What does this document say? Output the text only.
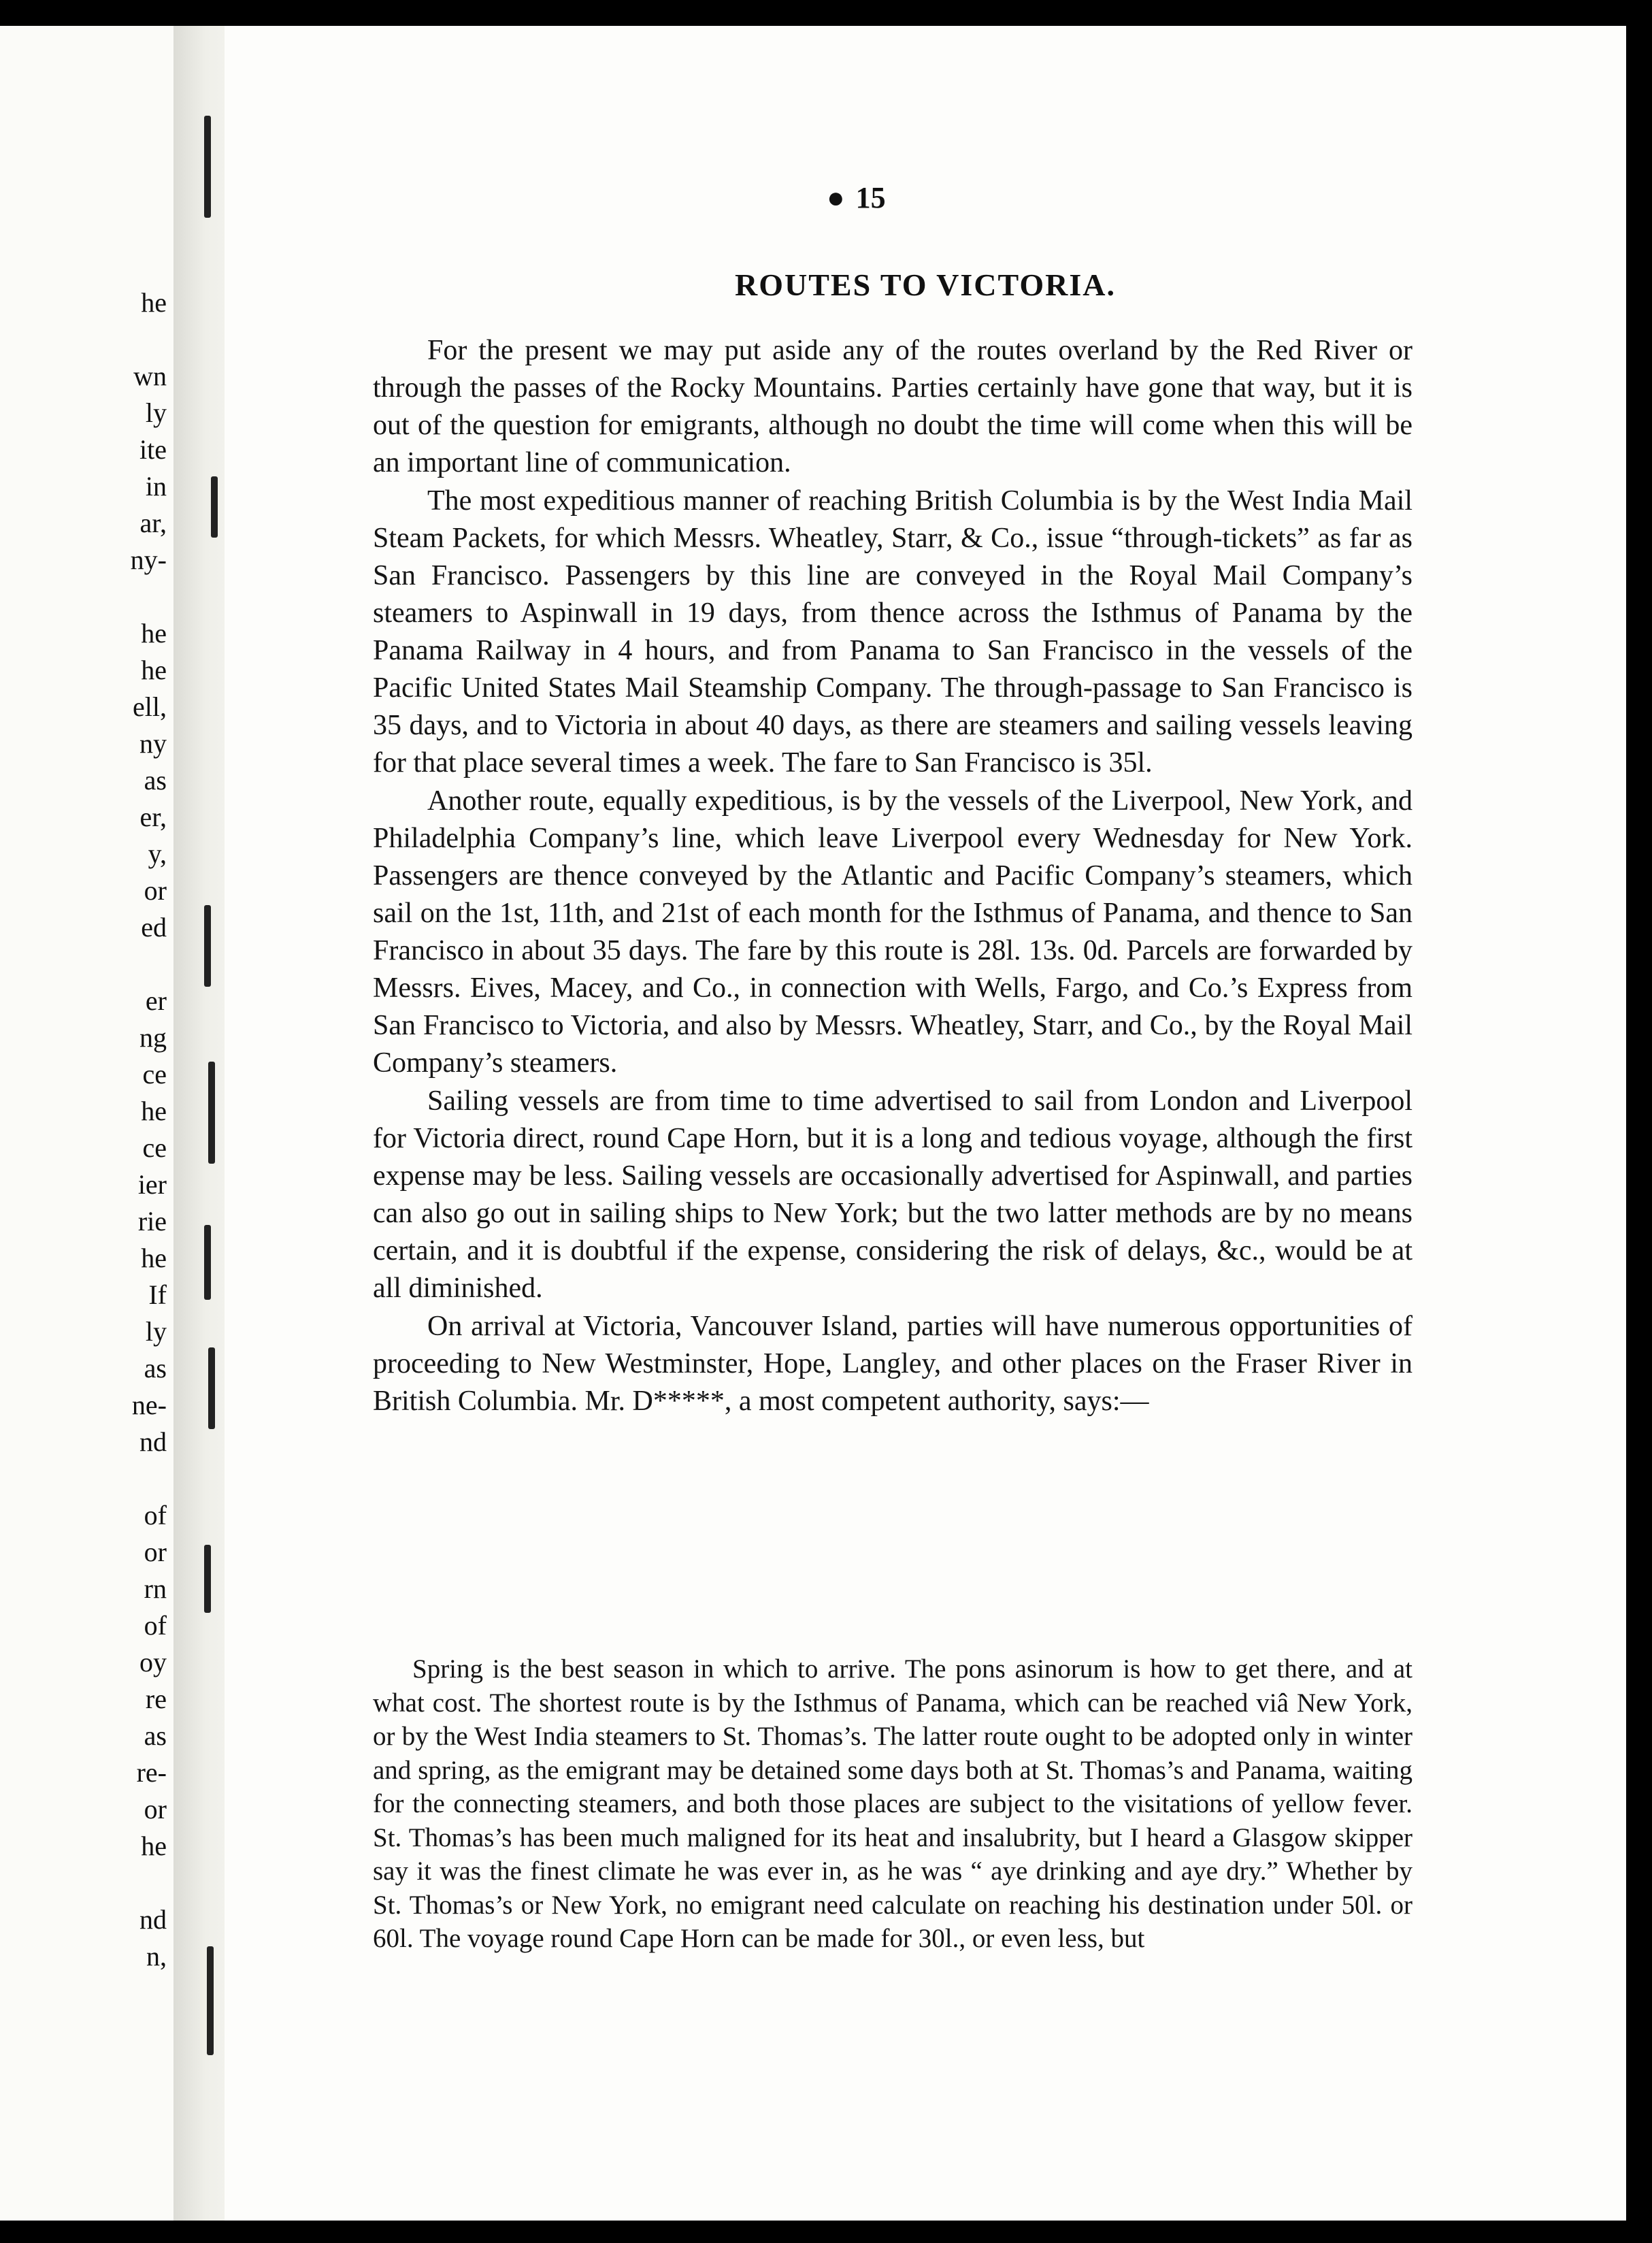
he
wn
ly
ite
in
ar,
ny-
he
he
ell,
ny
as
er,
y,
or
ed
er
ng
ce
he
ce
ier
rie
he
If
ly
as
ne-
nd
of
or
rn
of
oy
re
as
re-
or
he
nd
n,
● 15
ROUTES TO VICTORIA.

For the present we may put aside any of the routes overland by the Red River or through the passes of the Rocky Mountains. Parties certainly have gone that way, but it is out of the question for emigrants, although no doubt the time will come when this will be an important line of communication.

The most expeditious manner of reaching British Columbia is by the West India Mail Steam Packets, for which Messrs. Wheatley, Starr, & Co., issue “through-tickets” as far as San Francisco. Passengers by this line are conveyed in the Royal Mail Company’s steamers to Aspinwall in 19 days, from thence across the Isthmus of Panama by the Panama Railway in 4 hours, and from Panama to San Francisco in the vessels of the Pacific United States Mail Steamship Company. The through-passage to San Francisco is 35 days, and to Victoria in about 40 days, as there are steamers and sailing vessels leaving for that place several times a week. The fare to San Francisco is 35l.

Another route, equally expeditious, is by the vessels of the Liverpool, New York, and Philadelphia Company’s line, which leave Liverpool every Wednesday for New York. Passengers are thence conveyed by the Atlantic and Pacific Company’s steamers, which sail on the 1st, 11th, and 21st of each month for the Isthmus of Panama, and thence to San Francisco in about 35 days. The fare by this route is 28l. 13s. 0d. Parcels are forwarded by Messrs. Eives, Macey, and Co., in connection with Wells, Fargo, and Co.’s Express from San Francisco to Victoria, and also by Messrs. Wheatley, Starr, and Co., by the Royal Mail Company’s steamers.

Sailing vessels are from time to time advertised to sail from London and Liverpool for Victoria direct, round Cape Horn, but it is a long and tedious voyage, although the first expense may be less. Sailing vessels are occasionally advertised for Aspinwall, and parties can also go out in sailing ships to New York; but the two latter methods are by no means certain, and it is doubtful if the expense, considering the risk of delays, &c., would be at all diminished.

On arrival at Victoria, Vancouver Island, parties will have numerous opportunities of proceeding to New Westminster, Hope, Langley, and other places on the Fraser River in British Columbia. Mr. D*****, a most competent authority, says:—

Spring is the best season in which to arrive. The pons asinorum is how to get there, and at what cost. The shortest route is by the Isthmus of Panama, which can be reached viâ New York, or by the West India steamers to St. Thomas’s. The latter route ought to be adopted only in winter and spring, as the emigrant may be detained some days both at St. Thomas’s and Panama, waiting for the connecting steamers, and both those places are subject to the visitations of yellow fever. St. Thomas’s has been much maligned for its heat and insalubrity, but I heard a Glasgow skipper say it was the finest climate he was ever in, as he was “ aye drinking and aye dry.” Whether by St. Thomas’s or New York, no emigrant need calculate on reaching his destination under 50l. or 60l. The voyage round Cape Horn can be made for 30l., or even less, but
